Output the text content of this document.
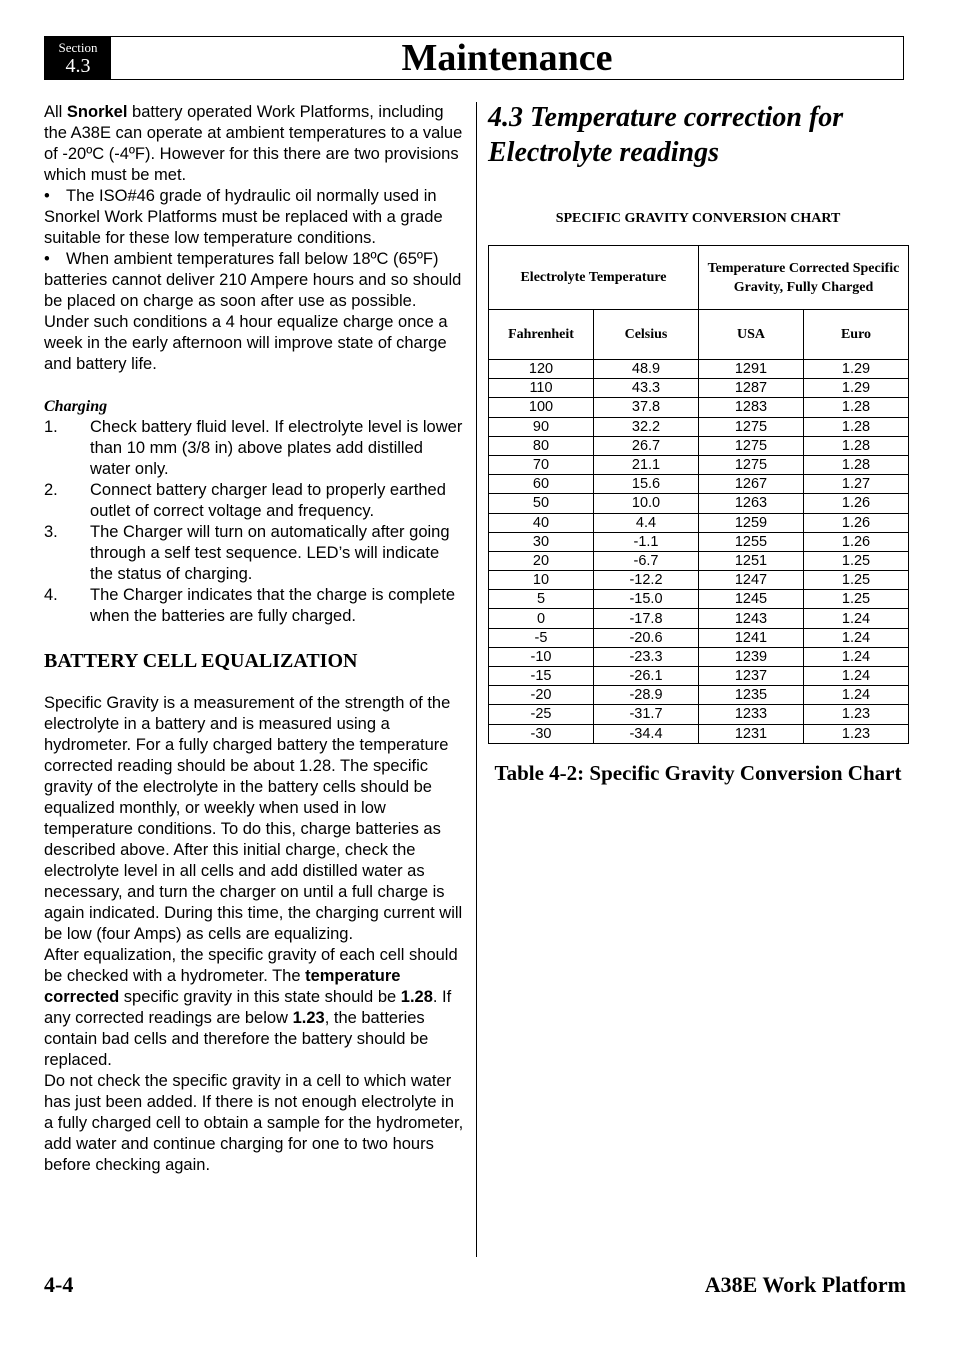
Section
4.3	Maintenance

All Snorkel battery operated Work Platforms, including the A38E can operate at ambient temperatures to a value of -20ºC (-4ºF). However for this there are two provisions which must be met.

• The ISO#46 grade of hydraulic oil normally used in Snorkel Work Platforms must be replaced with a grade suitable for these low temperature conditions.

• When ambient temperatures fall below 18ºC (65ºF) batteries cannot deliver 210 Ampere hours and so should be placed on charge as soon after use as possible. Under such conditions a 4 hour equalize charge once a week in the early afternoon will improve state of charge and battery life.

Charging

1.	Check battery fluid level. If electrolyte level is lower than 10 mm (3/8 in) above plates add distilled water only.
2.	Connect battery charger lead to properly earthed outlet of correct voltage and frequency.
3.	The Charger will turn on automatically after going through a self test sequence. LED’s will indicate the status of charging.
4.	The Charger indicates that the charge is complete when the batteries are fully charged.
BATTERY CELL EQUALIZATION

Specific Gravity is a measurement of the strength of the electrolyte in a battery and is measured using a hydrometer. For a fully charged battery the temperature corrected reading should be about 1.28. The specific gravity of the electrolyte in the battery cells should be equalized monthly, or weekly when used in low temperature conditions. To do this, charge batteries as described above. After this initial charge, check the electrolyte level in all cells and add distilled water as necessary, and turn the charger on until a full charge is again indicated. During this time, the charging current will be low (four Amps) as cells are equalizing.

After equalization, the specific gravity of each cell should be checked with a hydrometer. The temperature corrected specific gravity in this state should be 1.28. If any corrected readings are below 1.23, the batteries contain bad cells and therefore the battery should be replaced.

Do not check the specific gravity in a cell to which water has just been added. If there is not enough electrolyte in a fully charged cell to obtain a sample for the hydrometer, add water and continue charging for one to two hours before checking again.

4.3 Temperature correction for Electrolyte readings
SPECIFIC GRAVITY CONVERSION CHART
Electrolyte Temperature		Temperature Corrected Specific Gravity, Fully Charged	
Fahrenheit	Celsius	USA	Euro
120	48.9	1291	1.29
110	43.3	1287	1.29
100	37.8	1283	1.28
90	32.2	1275	1.28
80	26.7	1275	1.28
70	21.1	1275	1.28
60	15.6	1267	1.27
50	10.0	1263	1.26
40	4.4	1259	1.26
30	-1.1	1255	1.26
20	-6.7	1251	1.25
10	-12.2	1247	1.25
5	-15.0	1245	1.25
0	-17.8	1243	1.24
-5	-20.6	1241	1.24
-10	-23.3	1239	1.24
-15	-26.1	1237	1.24
-20	-28.9	1235	1.24
-25	-31.7	1233	1.23
-30	-34.4	1231	1.23
Table 4-2: Specific Gravity Conversion Chart
4-4	A38E Work Platform
